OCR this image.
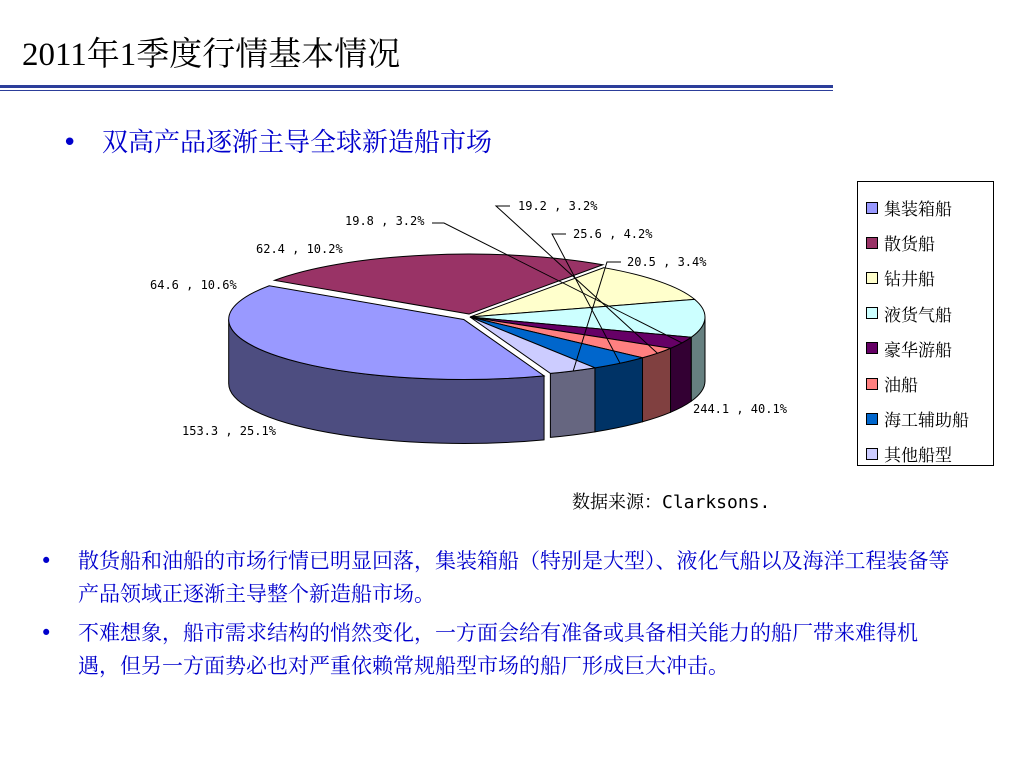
2011年1季度行情基本情况
• 双高产品逐渐主导全球新造船市场
244.1 , 40.1%
153.3 , 25.1%
64.6 , 10.6%
62.4 , 10.2%
19.8 , 3.2%
19.2 , 3.2%
25.6 , 4.2%
20.5 , 3.4%
集装箱船
散货船
钻井船
液货气船
豪华游船
油船
海工辅助船
其他船型
数据来源：Clarksons.
•	散货船和油船的市场行情已明显回落，集装箱船（特别是大型）、液化气船以及海洋工程装备等产品领域正逐渐主导整个新造船市场。
•	不难想象，船市需求结构的悄然变化，一方面会给有准备或具备相关能力的船厂带来难得机遇，但另一方面势必也对严重依赖常规船型市场的船厂形成巨大冲击。
